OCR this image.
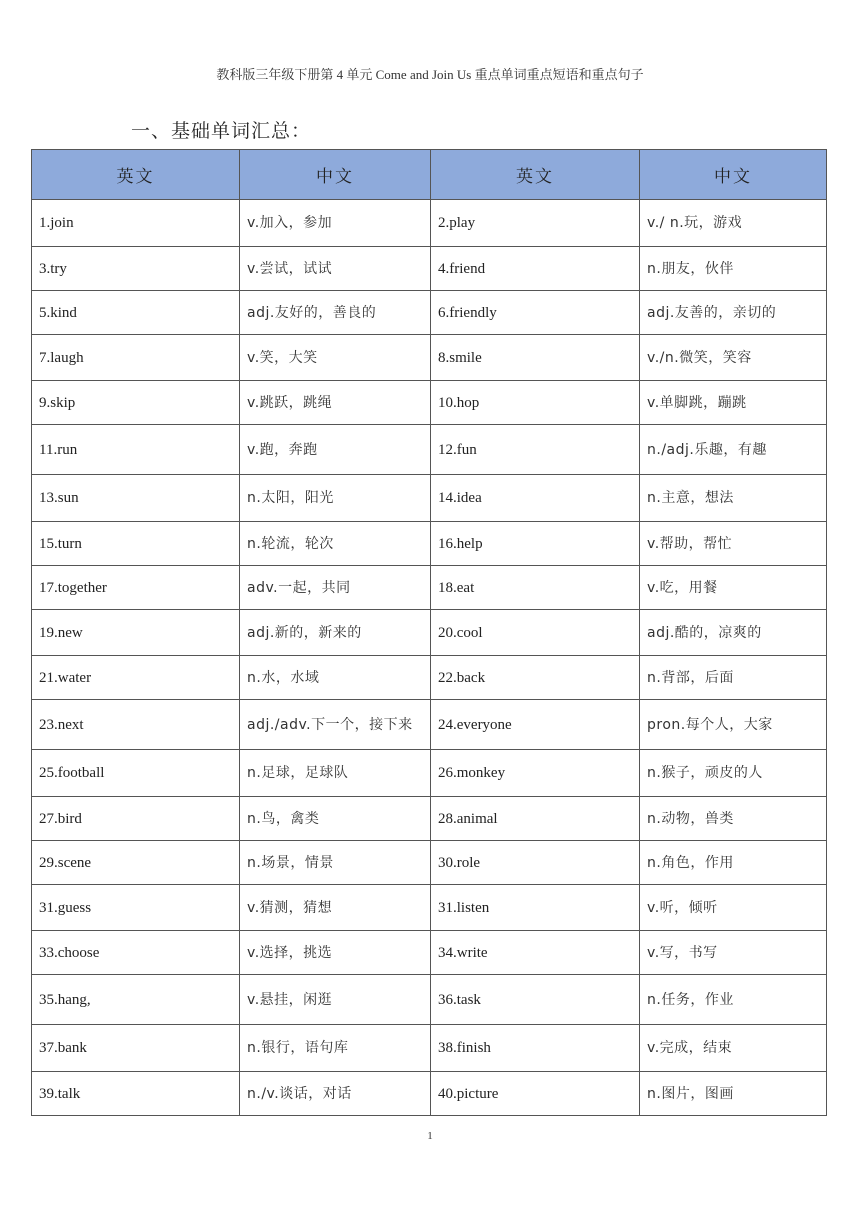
教科版三年级下册第 4 单元 Come and Join Us 重点单词重点短语和重点句子
一、基础单词汇总：
英文	中文	英文	中文
1.join	v.加入，参加	2.play	v./ n.玩，游戏
3.try	v.尝试，试试	4.friend	n.朋友，伙伴
5.kind	adj.友好的，善良的	6.friendly	adj.友善的，亲切的
7.laugh	v.笑，大笑	8.smile	v./n.微笑，笑容
9.skip	v.跳跃，跳绳	10.hop	v.单脚跳，蹦跳
11.run	v.跑，奔跑	12.fun	n./adj.乐趣，有趣
13.sun	n.太阳，阳光	14.idea	n.主意，想法
15.turn	n.轮流，轮次	16.help	v.帮助，帮忙
17.together	adv.一起，共同	18.eat	v.吃，用餐
19.new	adj.新的，新来的	20.cool	adj.酷的，凉爽的
21.water	n.水，水域	22.back	n.背部，后面
23.next	adj./adv.下一个，接下来	24.everyone	pron.每个人，大家
25.football	n.足球，足球队	26.monkey	n.猴子，顽皮的人
27.bird	n.鸟，禽类	28.animal	n.动物，兽类
29.scene	n.场景，情景	30.role	n.角色，作用
31.guess	v.猜测，猜想	31.listen	v.听，倾听
33.choose	v.选择，挑选	34.write	v.写，书写
35.hang,	v.悬挂，闲逛	36.task	n.任务，作业
37.bank	n.银行，语句库	38.finish	v.完成，结束
39.talk	n./v.谈话，对话	40.picture	n.图片，图画
1
